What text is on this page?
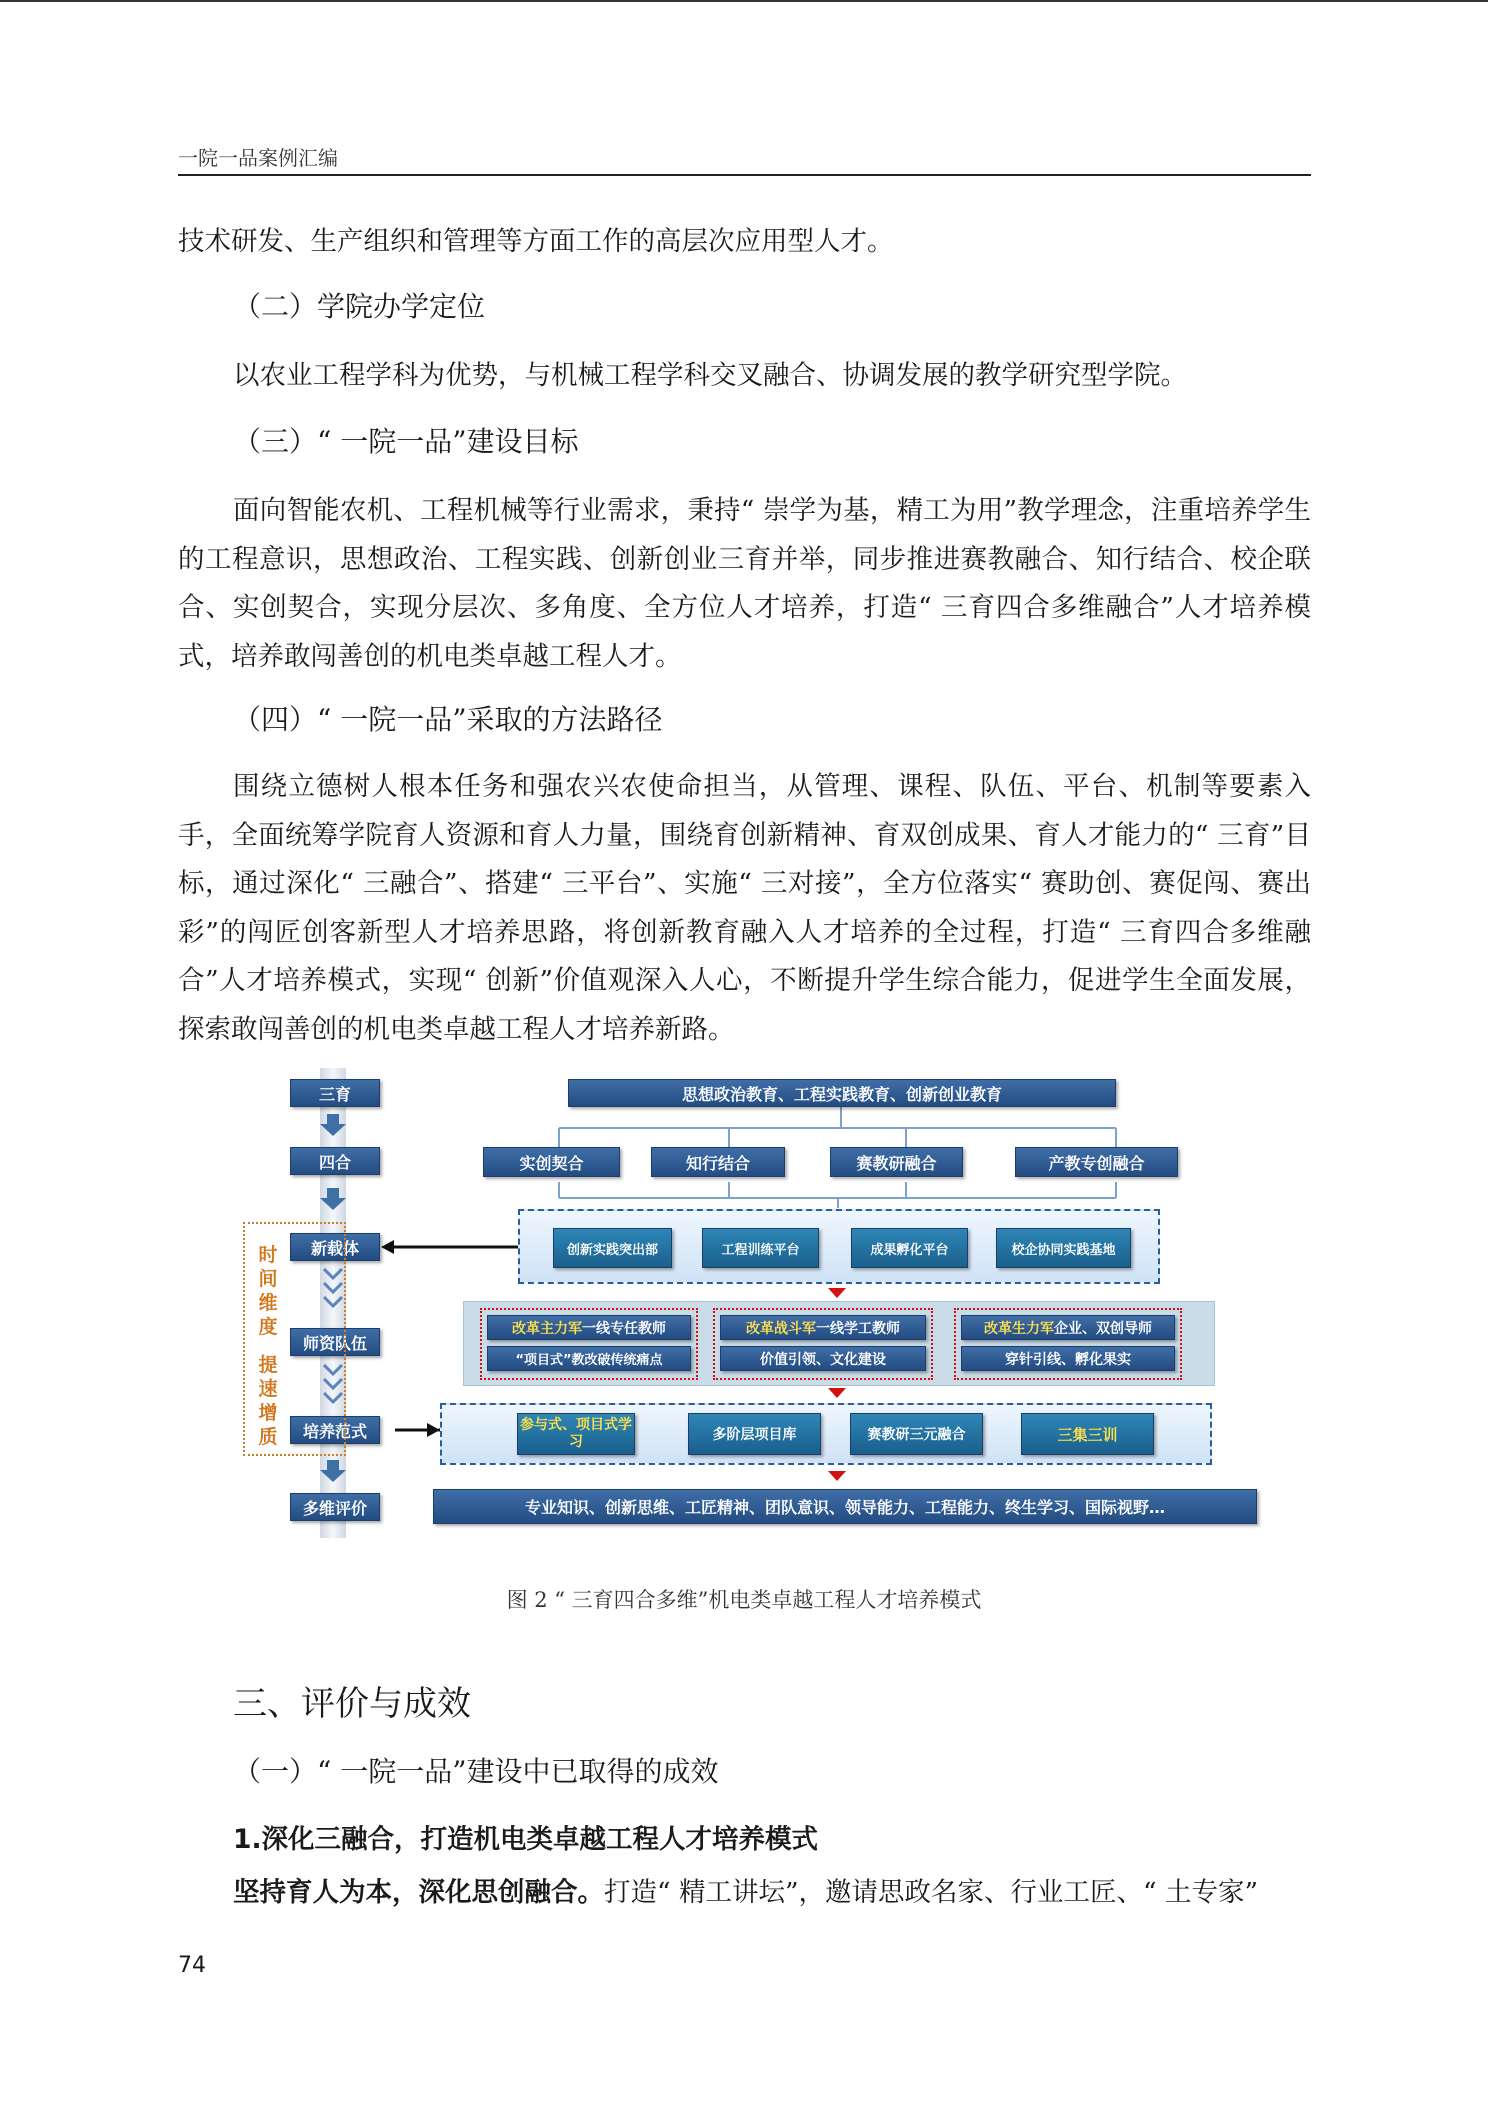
一院一品案例汇编

技术研发、生产组织和管理等方面工作的高层次应用型人才。

（二）学院办学定位

以农业工程学科为优势，与机械工程学科交叉融合、协调发展的教学研究型学院。

（三）“ 一院一品”建设目标

面向智能农机、工程机械等行业需求，秉持“ 崇学为基，精工为用”教学理念，注重培养学生的工程意识，思想政治、工程实践、创新创业三育并举，同步推进赛教融合、知行结合、校企联合、实创契合，实现分层次、多角度、全方位人才培养，打造“ 三育四合多维融合”人才培养模式，培养敢闯善创的机电类卓越工程人才。

（四）“ 一院一品”采取的方法路径

围绕立德树人根本任务和强农兴农使命担当，从管理、课程、队伍、平台、机制等要素入手，全面统筹学院育人资源和育人力量，围绕育创新精神、育双创成果、育人才能力的“ 三育”目标，通过深化“ 三融合”、搭建“ 三平台”、实施“ 三对接”，全方位落实“ 赛助创、赛促闯、赛出彩”的闯匠创客新型人才培养思路，将创新教育融入人才培养的全过程，打造“ 三育四合多维融合”人才培养模式，实现“ 创新”价值观深入人心，不断提升学生综合能力，促进学生全面发展，探索敢闯善创的机电类卓越工程人才培养新路。

三育
四合
新载体
师资队伍
培养范式
多维评价
时间维度
提速增质
思想政治教育、工程实践教育、创新创业教育
实创契合	知行结合	赛教研融合	产教专创融合
创新实践突出部	工程训练平台	成果孵化平台	校企协同实践基地
改革主力军 一线专任教师
“项目式”教改破传统痛点
改革战斗军 一线学工教师
价值引领、文化建设
改革生力军 企业、双创导师
穿针引线、孵化果实
参与式、项目式学习	多阶层项目库	赛教研三元融合	三集三训
专业知识、创新思维、工匠精神、团队意识、领导能力、工程能力、终生学习、国际视野…
图 2 “ 三育四合多维”机电类卓越工程人才培养模式
三、评价与成效
（一）“ 一院一品”建设中已取得的成效
1.深化三融合，打造机电类卓越工程人才培养模式
坚持育人为本，深化思创融合。打造“ 精工讲坛”，邀请思政名家、行业工匠、“ 土专家”
74
